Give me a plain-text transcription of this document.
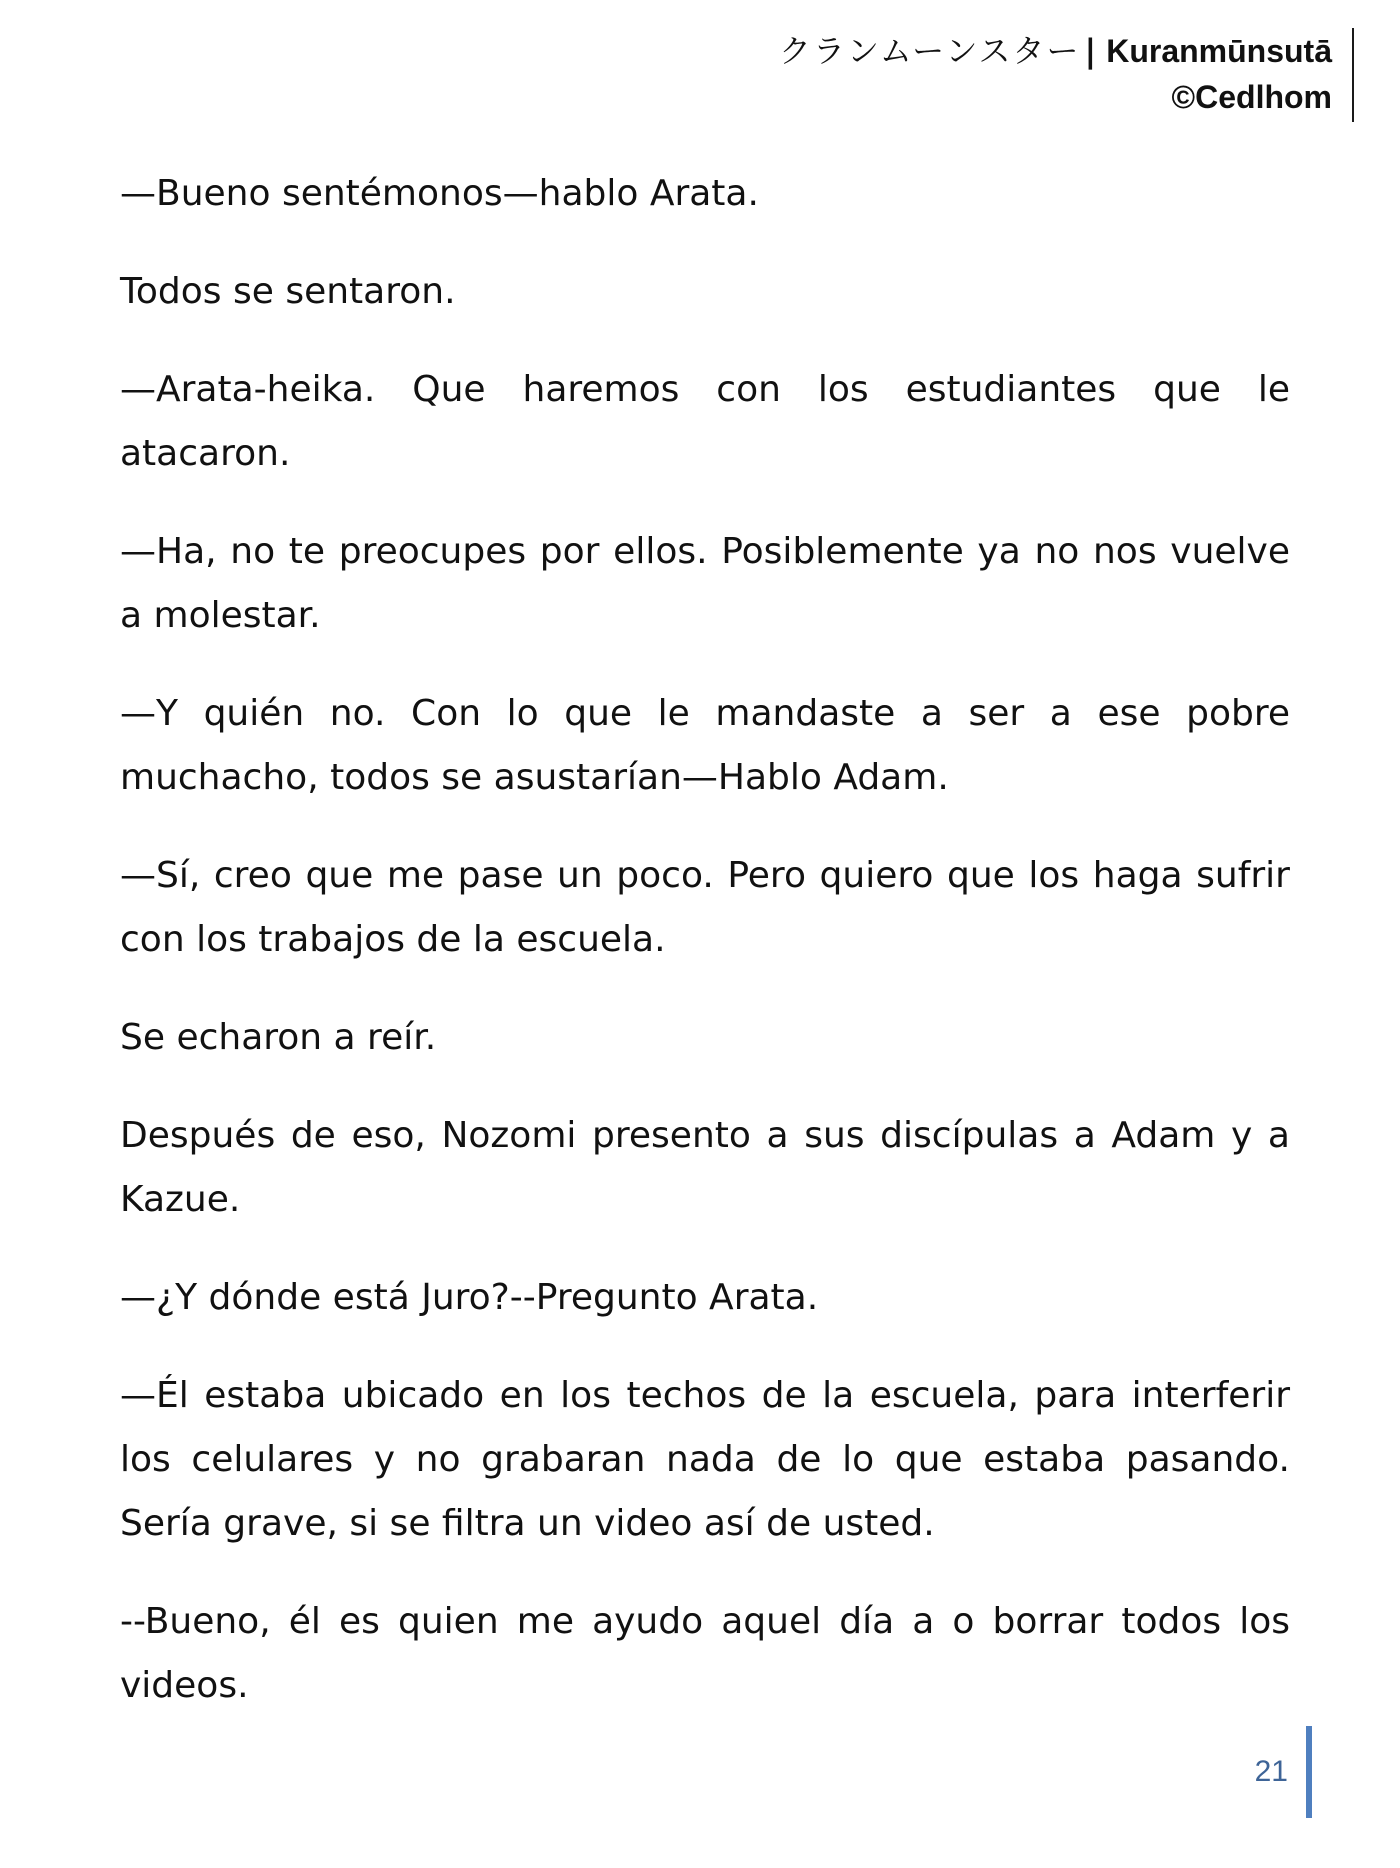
クランムーンスター | Kuranmūnsutā
©Cedlhom

—Bueno sentémonos—hablo Arata.

Todos se sentaron.

—Arata-heika. Que haremos con los estudiantes que le atacaron.

—Ha, no te preocupes por ellos. Posiblemente ya no nos vuelve a molestar.

—Y quién no. Con lo que le mandaste a ser a ese pobre muchacho, todos se asustarían—Hablo Adam.

—Sí, creo que me pase un poco. Pero quiero que los haga sufrir con los trabajos de la escuela.

Se echaron a reír.

Después de eso, Nozomi presento a sus discípulas a Adam y a Kazue.

—¿Y dónde está Juro?--Pregunto Arata.

—Él estaba ubicado en los techos de la escuela, para interferir los celulares y no grabaran nada de lo que estaba pasando. Sería grave, si se filtra un video así de usted.

--Bueno, él es quien me ayudo aquel día a o borrar todos los videos.

21
